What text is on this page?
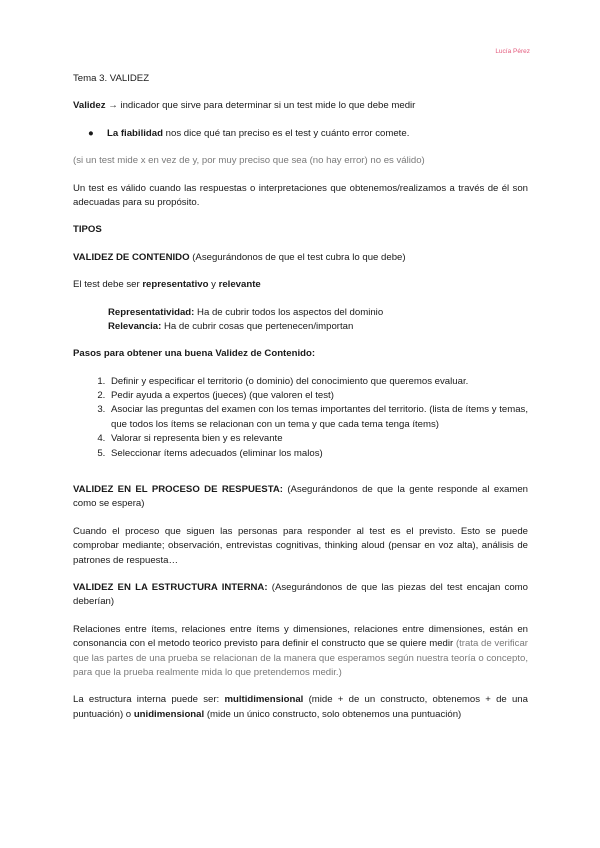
Lucía Pérez

Tema 3. VALIDEZ

Validez → indicador que sirve para determinar si un test mide lo que debe medir

●	La fiabilidad nos dice qué tan preciso es el test y cuánto error comete.

(si un test mide x en vez de y, por muy preciso que sea (no hay error) no es válido)

Un test es válido cuando las respuestas o interpretaciones que obtenemos/realizamos a través de él son adecuadas para su propósito.

TIPOS

VALIDEZ DE CONTENIDO (Asegurándonos de que el test cubra lo que debe)

El test debe ser representativo y relevante

Representatividad: Ha de cubrir todos los aspectos del dominio

Relevancia: Ha de cubrir cosas que pertenecen/importan

Pasos para obtener una buena Validez de Contenido:

1. Definir y especificar el territorio (o dominio) del conocimiento que queremos evaluar.
2. Pedir ayuda a expertos (jueces) (que valoren el test)
3. Asociar las preguntas del examen con los temas importantes del territorio. (lista de ítems y temas, que todos los ítems se relacionan con un tema y que cada tema tenga ítems)
4. Valorar si representa bien y es relevante
5. Seleccionar ítems adecuados (eliminar los malos)

VALIDEZ EN EL PROCESO DE RESPUESTA: (Asegurándonos de que la gente responde al examen como se espera)

Cuando el proceso que siguen las personas para responder al test es el previsto. Esto se puede comprobar mediante; observación, entrevistas cognitivas, thinking aloud (pensar en voz alta), análisis de patrones de respuesta…

VALIDEZ EN LA ESTRUCTURA INTERNA: (Asegurándonos de que las piezas del test encajan como deberían)

Relaciones entre ítems, relaciones entre ítems y dimensiones, relaciones entre dimensiones, están en consonancia con el metodo teorico previsto para definir el constructo que se quiere medir (trata de verificar que las partes de una prueba se relacionan de la manera que esperamos según nuestra teoría o concepto, para que la prueba realmente mida lo que pretendemos medir.)

La estructura interna puede ser: multidimensional (mide + de un constructo, obtenemos + de una puntuación) o unidimensional (mide un único constructo, solo obtenemos una puntuación)
